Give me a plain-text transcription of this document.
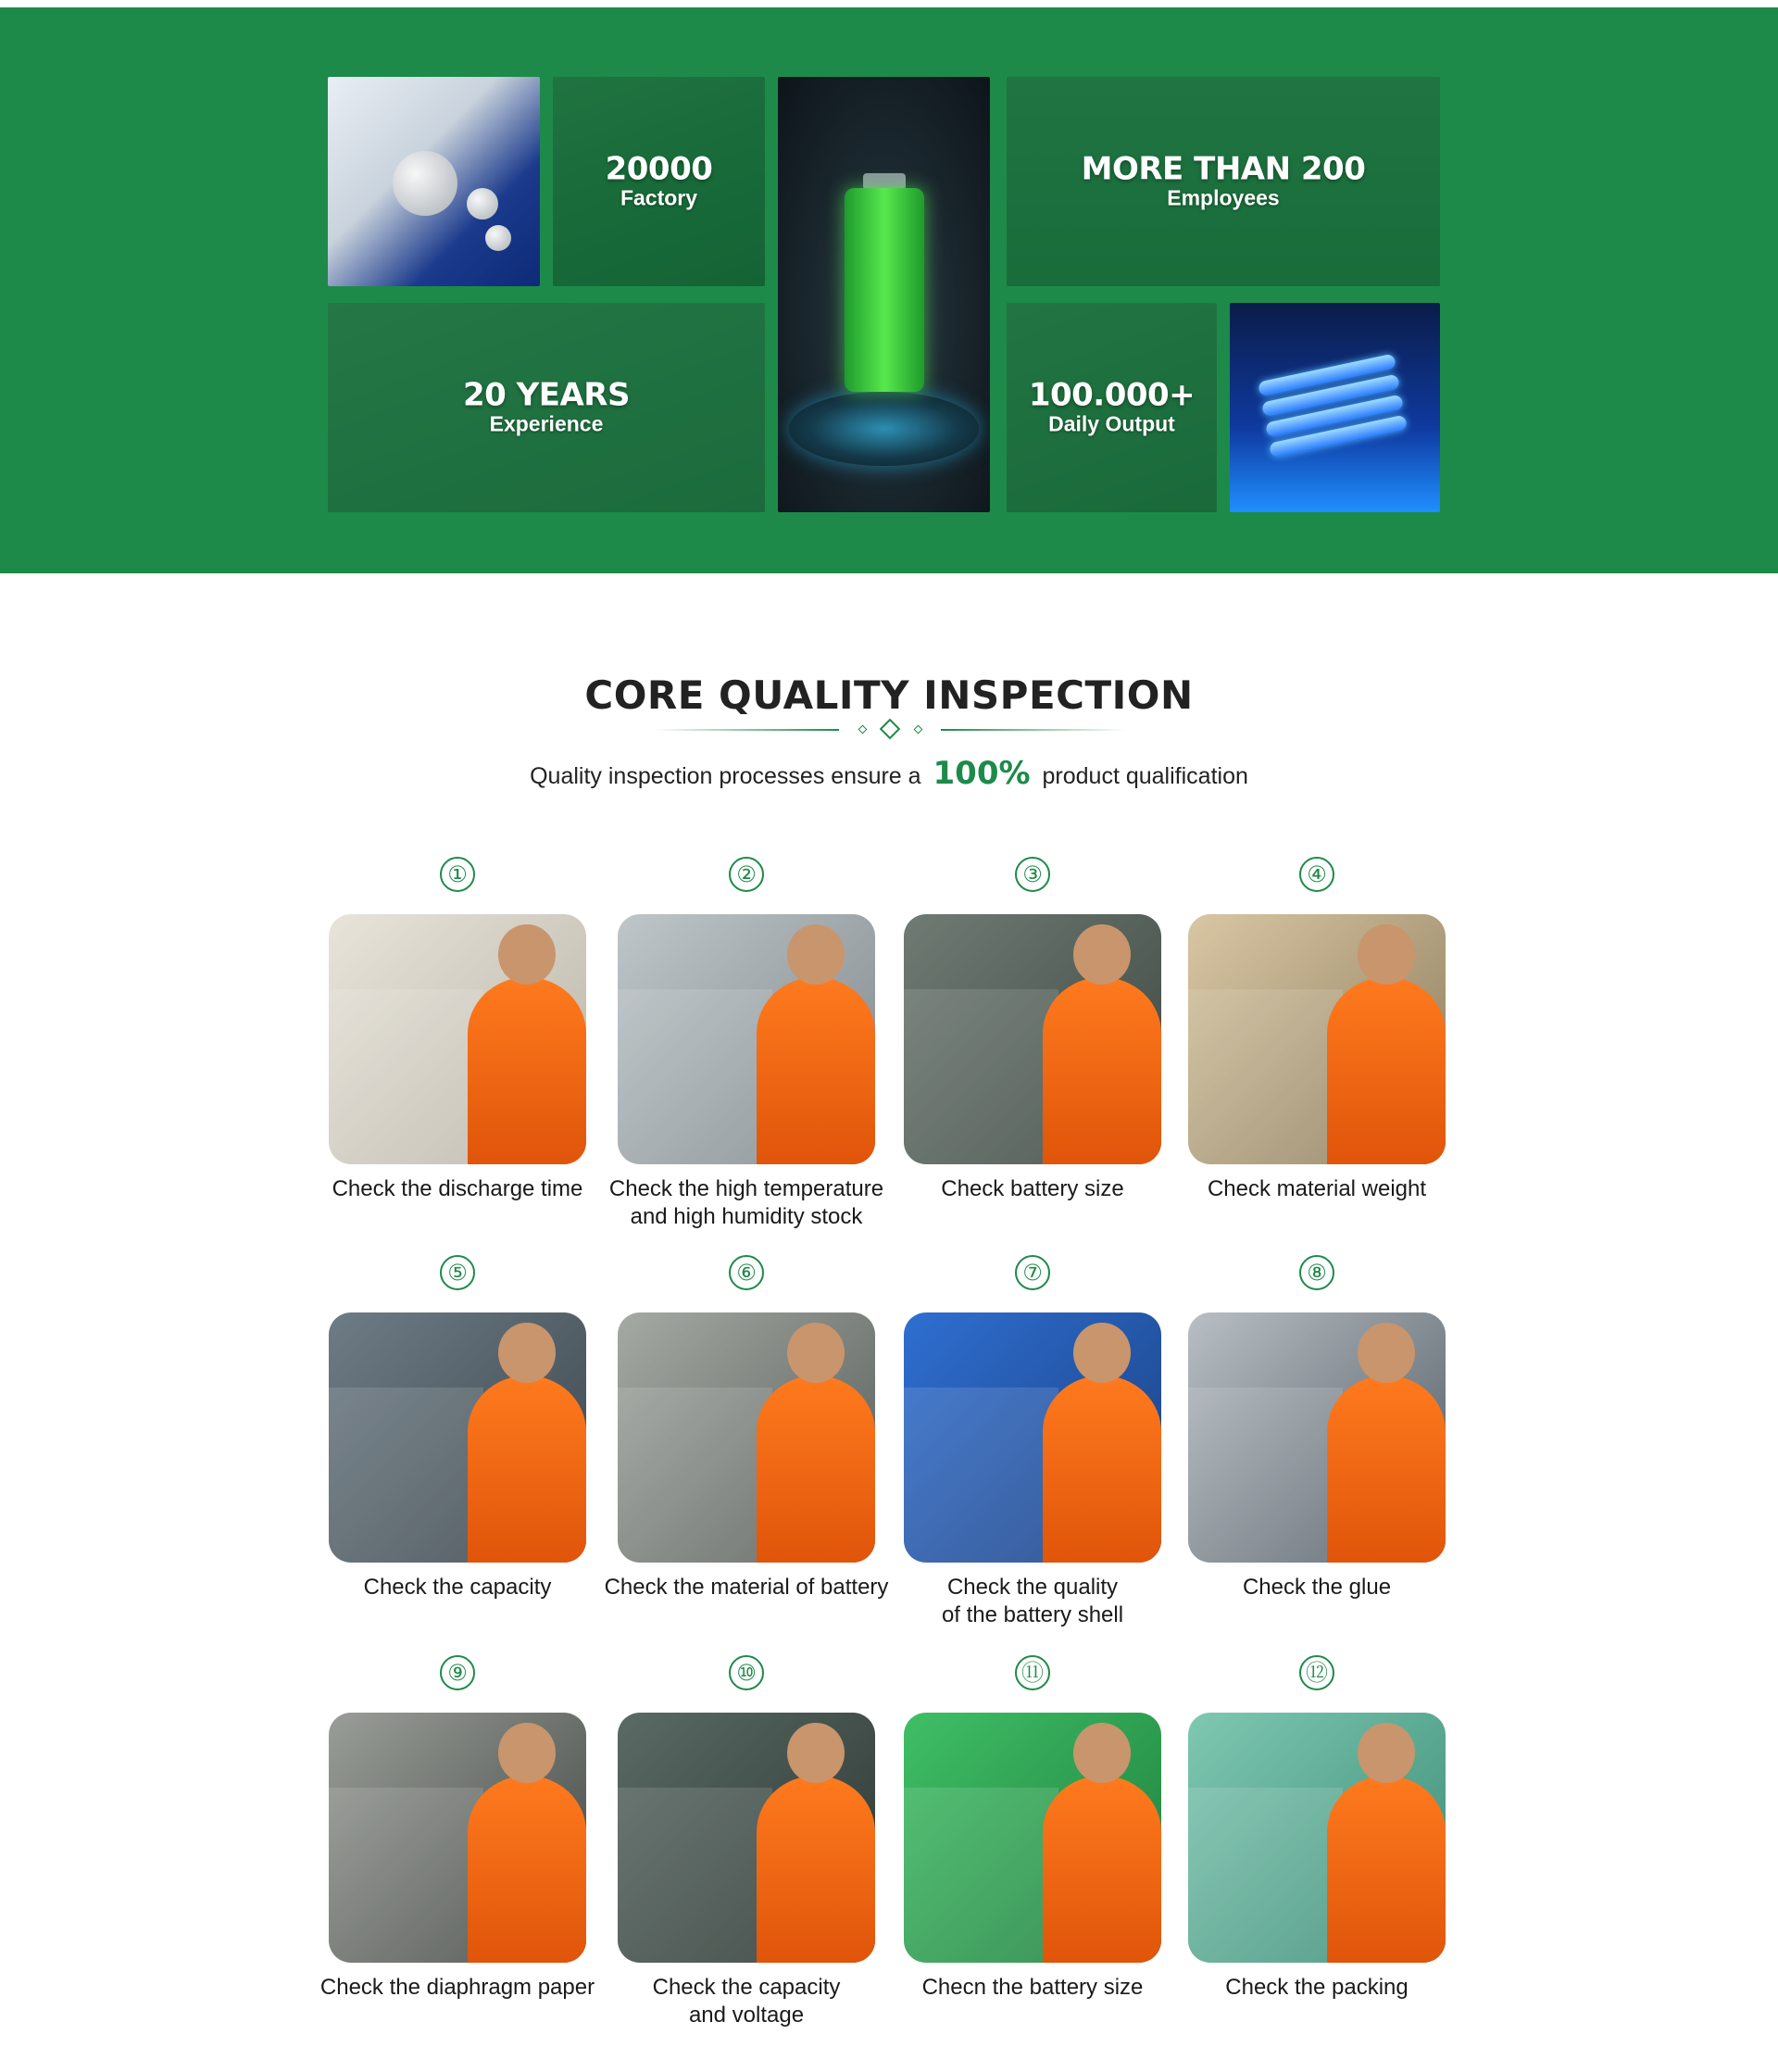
20000
Factory
MORE THAN 200
Employees
20 YEARS
Experience
100.000+
Daily Output
CORE QUALITY INSPECTION
Quality inspection processes ensure a 100% product qualification
①
Check the discharge time
②
Check the high temperature
and high humidity stock
③
Check battery size
④
Check material weight
⑤
Check the capacity
⑥
Check the material of battery
⑦
Check the quality
of the battery shell
⑧
Check the glue
⑨
Check the diaphragm paper
⑩
Check the capacity
and voltage
⑪
Checn the battery size
⑫
Check the packing
